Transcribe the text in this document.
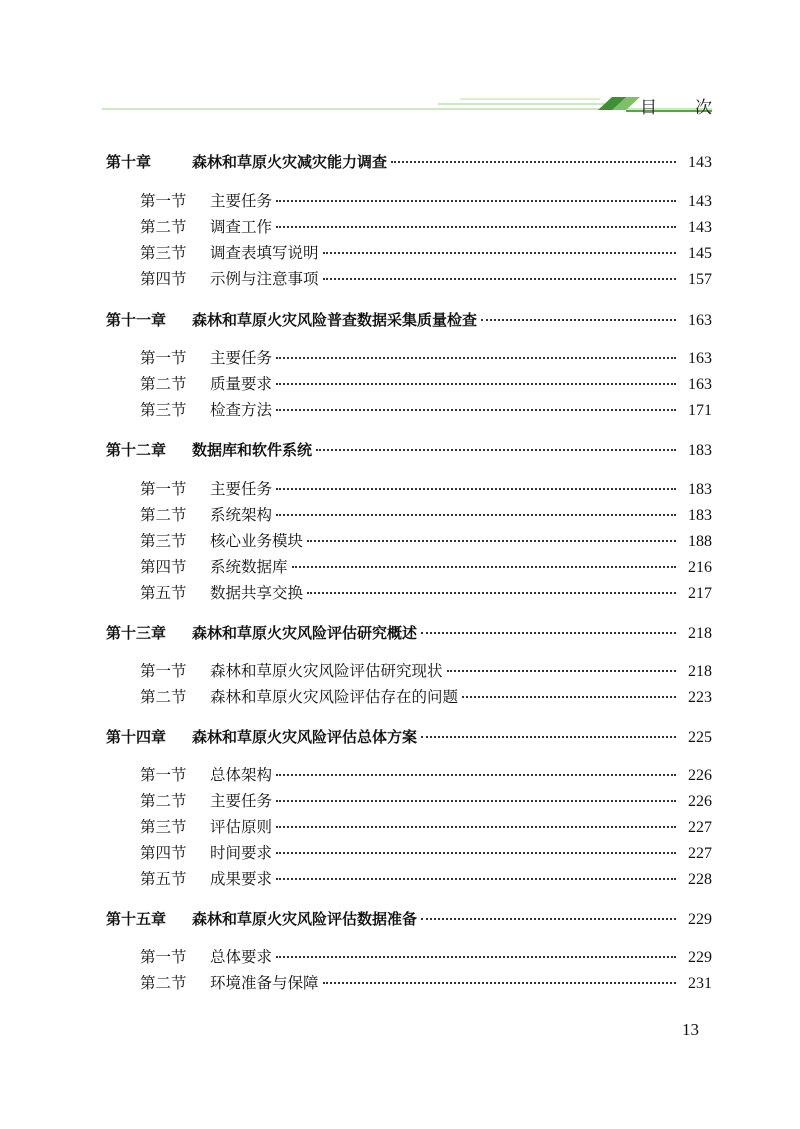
目 次
第十章	森林和草原火灾减灾能力调查	143
第一节	主要任务	143
第二节	调查工作	143
第三节	调查表填写说明	145
第四节	示例与注意事项	157
第十一章	森林和草原火灾风险普查数据采集质量检查	163
第一节	主要任务	163
第二节	质量要求	163
第三节	检查方法	171
第十二章	数据库和软件系统	183
第一节	主要任务	183
第二节	系统架构	183
第三节	核心业务模块	188
第四节	系统数据库	216
第五节	数据共享交换	217
第十三章	森林和草原火灾风险评估研究概述	218
第一节	森林和草原火灾风险评估研究现状	218
第二节	森林和草原火灾风险评估存在的问题	223
第十四章	森林和草原火灾风险评估总体方案	225
第一节	总体架构	226
第二节	主要任务	226
第三节	评估原则	227
第四节	时间要求	227
第五节	成果要求	228
第十五章	森林和草原火灾风险评估数据准备	229
第一节	总体要求	229
第二节	环境准备与保障	231
13
